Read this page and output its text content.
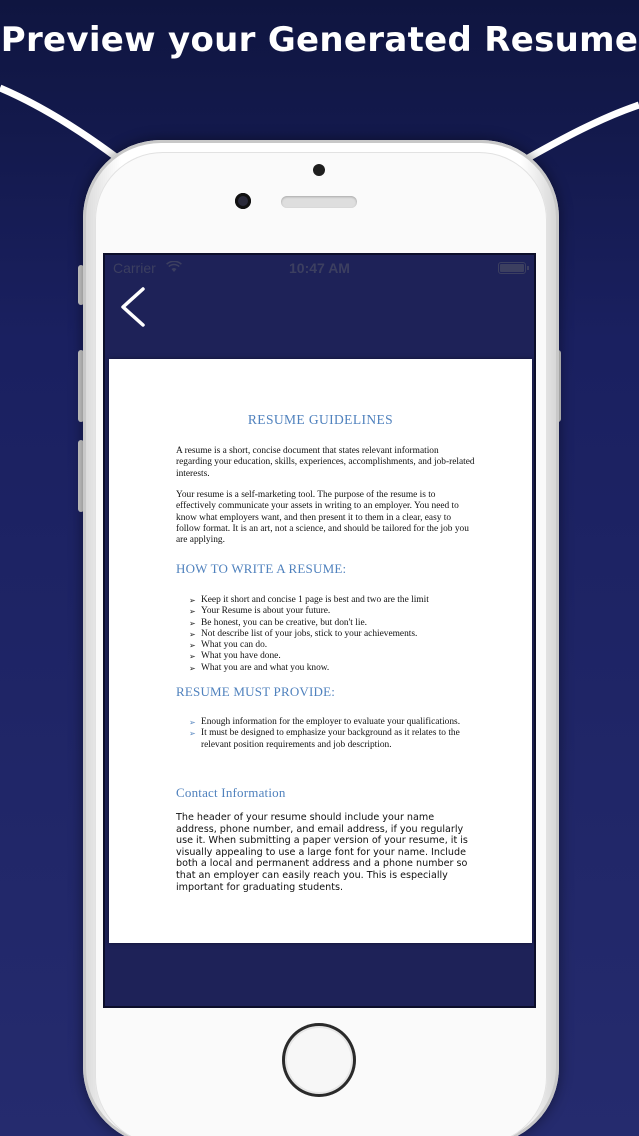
Preview your Generated Resume
Carrier	10:47 AM
RESUME GUIDELINES
A resume is a short, concise document that states relevant information regarding your education, skills, experiences, accomplishments, and job-related interests.
Your resume is a self-marketing tool. The purpose of the resume is to effectively communicate your assets in writing to an employer. You need to know what employers want, and then present it to them in a clear, easy to follow format. It is an art, not a science, and should be tailored for the job you are applying.
HOW TO WRITE A RESUME:
➢ Keep it short and concise 1 page is best and two are the limit
➢ Your Resume is about your future.
➢ Be honest, you can be creative, but don't lie.
➢ Not describe list of your jobs, stick to your achievements.
➢ What you can do.
➢ What you have done.
➢ What you are and what you know.
RESUME MUST PROVIDE:
➢ Enough information for the employer to evaluate your qualifications.
➢ It must be designed to emphasize your background as it relates to the relevant position requirements and job description.
Contact Information
The header of your resume should include your name address, phone number, and email address, if you regularly use it. When submitting a paper version of your resume, it is visually appealing to use a large font for your name. Include both a local and permanent address and a phone number so that an employer can easily reach you. This is especially important for graduating students.
